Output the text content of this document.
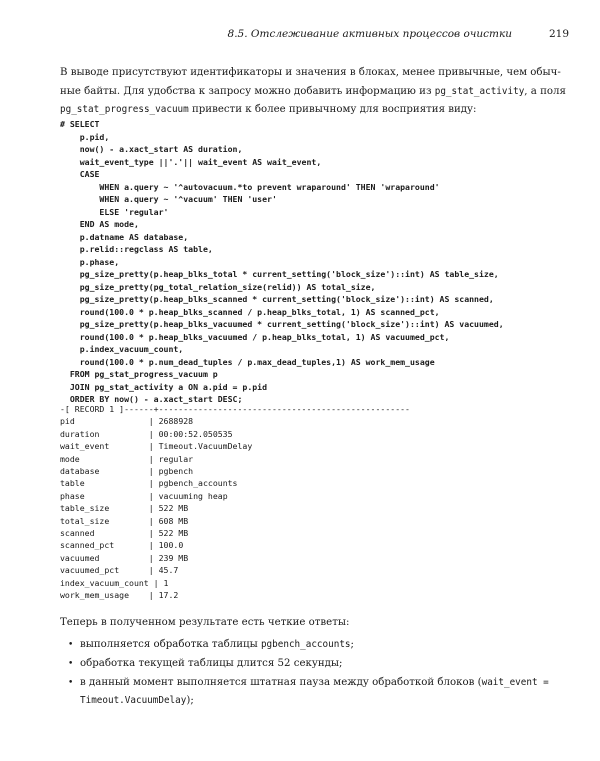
8.5. Отслеживание активных процессов очистки	219
В выводе присутствуют идентификаторы и значения в блоках, менее привычные, чем обыч-
ные байты. Для удобства к запросу можно добавить информацию из pg_stat_activity, а поля
pg_stat_progress_vacuum привести к более привычному для восприятия виду:
# SELECT
p.pid,
now() - a.xact_start AS duration,
wait_event_type ||'.'|| wait_event AS wait_event,
CASE
WHEN a.query ~ '^autovacuum.*to prevent wraparound' THEN 'wraparound'
WHEN a.query ~ '^vacuum' THEN 'user'
ELSE 'regular'
END AS mode,
p.datname AS database,
p.relid::regclass AS table,
p.phase,
pg_size_pretty(p.heap_blks_total * current_setting('block_size')::int) AS table_size,
pg_size_pretty(pg_total_relation_size(relid)) AS total_size,
pg_size_pretty(p.heap_blks_scanned * current_setting('block_size')::int) AS scanned,
round(100.0 * p.heap_blks_scanned / p.heap_blks_total, 1) AS scanned_pct,
pg_size_pretty(p.heap_blks_vacuumed * current_setting('block_size')::int) AS vacuumed,
round(100.0 * p.heap_blks_vacuumed / p.heap_blks_total, 1) AS vacuumed_pct,
p.index_vacuum_count,
round(100.0 * p.num_dead_tuples / p.max_dead_tuples,1) AS work_mem_usage
FROM pg_stat_progress_vacuum p
JOIN pg_stat_activity a ON a.pid = p.pid
ORDER BY now() - a.xact_start DESC;
-[ RECORD 1 ]------+---------------------------------------------------
pid               | 2688928
duration          | 00:00:52.050535
wait_event        | Timeout.VacuumDelay
mode              | regular
database          | pgbench
table             | pgbench_accounts
phase             | vacuuming heap
table_size        | 522 MB
total_size        | 608 MB
scanned           | 522 MB
scanned_pct       | 100.0
vacuumed          | 239 MB
vacuumed_pct      | 45.7
index_vacuum_count | 1
work_mem_usage    | 17.2
Теперь в полученном результате есть четкие ответы:
• выполняется обработка таблицы pgbench_accounts;
• обработка текущей таблицы длится 52 секунды;
• в данный момент выполняется штатная пауза между обработкой блоков (wait_event =
Timeout.VacuumDelay);
